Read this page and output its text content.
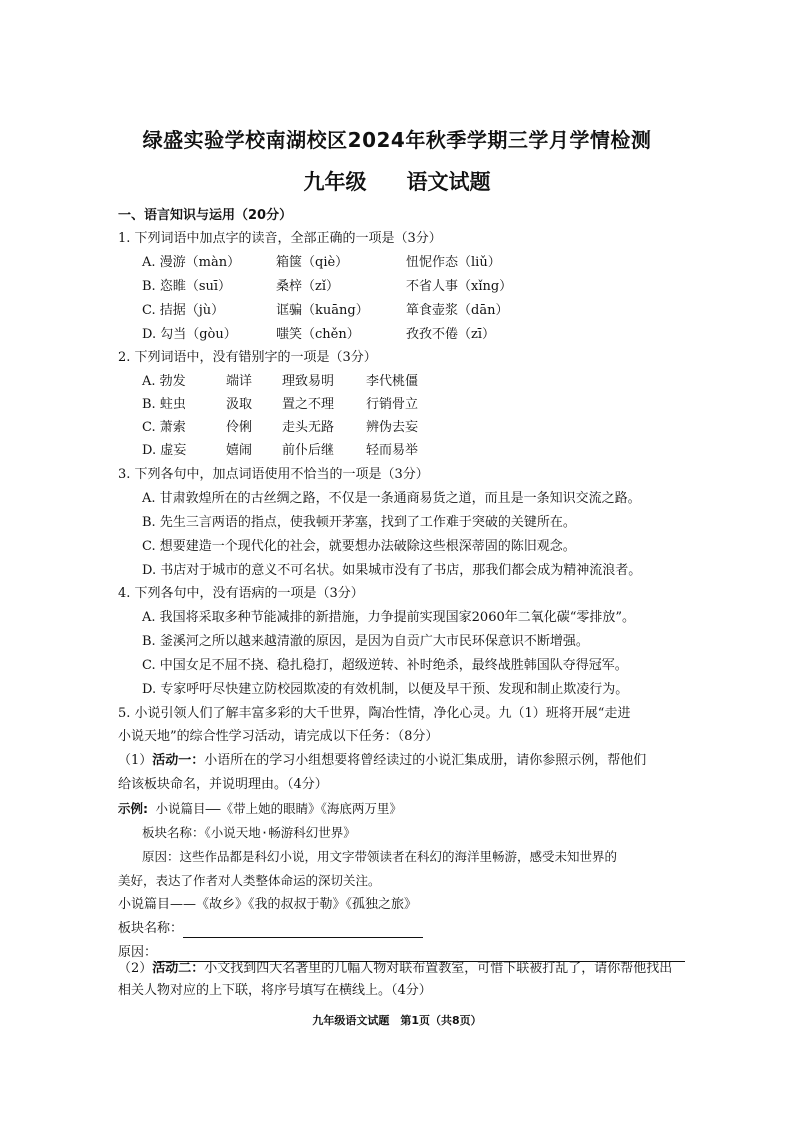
绿盛实验学校南湖校区2024年秋季学期三学月学情检测
九年级 语文试题
一、语言知识与运用（20分）
1. 下列词语中加点字的读音，全部正确的一项是（3分）
A. 漫游（màn）	箱箧（qiè）	忸怩作态（liǔ）
B. 恣睢（suī）	桑梓（zǐ）	不省人事（xǐng）
C. 拮据（jù）	诓骗（kuāng）	箪食壶浆（dān）
D. 勾当（gòu）	嗤笑（chěn）	孜孜不倦（zī）
2. 下列词语中，没有错别字的一项是（3分）
A. 勃发	端详 理致易明 李代桃僵
B. 蛀虫	汲取 置之不理 行销骨立
C. 萧索	伶俐 走头无路 辨伪去妄
D. 虚妄	嬉闹 前仆后继 轻而易举
3. 下列各句中，加点词语使用不恰当的一项是（3分）
A. 甘肃敦煌所在的古丝绸之路，不仅是一条通商易货之道，而且是一条知识交流之路。
B. 先生三言两语的指点，使我顿开茅塞，找到了工作难于突破的关键所在。
C. 想要建造一个现代化的社会，就要想办法破除这些根深蒂固的陈旧观念。
D. 书店对于城市的意义不可名状。如果城市没有了书店，那我们都会成为精神流浪者。
4. 下列各句中，没有语病的一项是（3分）
A. 我国将采取多种节能减排的新措施，力争提前实现国家2060年二氧化碳“零排放”。
B. 釜溪河之所以越来越清澈的原因，是因为自贡广大市民环保意识不断增强。
C. 中国女足不屈不挠、稳扎稳打，超级逆转、补时绝杀，最终战胜韩国队夺得冠军。
D. 专家呼吁尽快建立防校园欺凌的有效机制，以便及早干预、发现和制止欺凌行为。
5. 小说引领人们了解丰富多彩的大千世界，陶冶性情，净化心灵。九（1）班将开展“走进
小说天地”的综合性学习活动，请完成以下任务：（8分）
（1）活动一：小语所在的学习小组想要将曾经读过的小说汇集成册，请你参照示例，帮他们
给该板块命名，并说明理由。（4分）
示例: 小说篇目——《带上她的眼睛》《海底两万里》
板块名称：《小说天地·畅游科幻世界》
原因：这些作品都是科幻小说，用文字带领读者在科幻的海洋里畅游，感受未知世界的
美好，表达了作者对人类整体命运的深切关注。
小说篇目——《故乡》《我的叔叔于勒》《孤独之旅》
板块名称：
原因：
（2）活动二：小文找到四大名著里的几幅人物对联布置教室，可惜下联被打乱了，请你帮他找出
相关人物对应的上下联，将序号填写在横线上。（4分）
九年级语文试题　第1页（共8页）
